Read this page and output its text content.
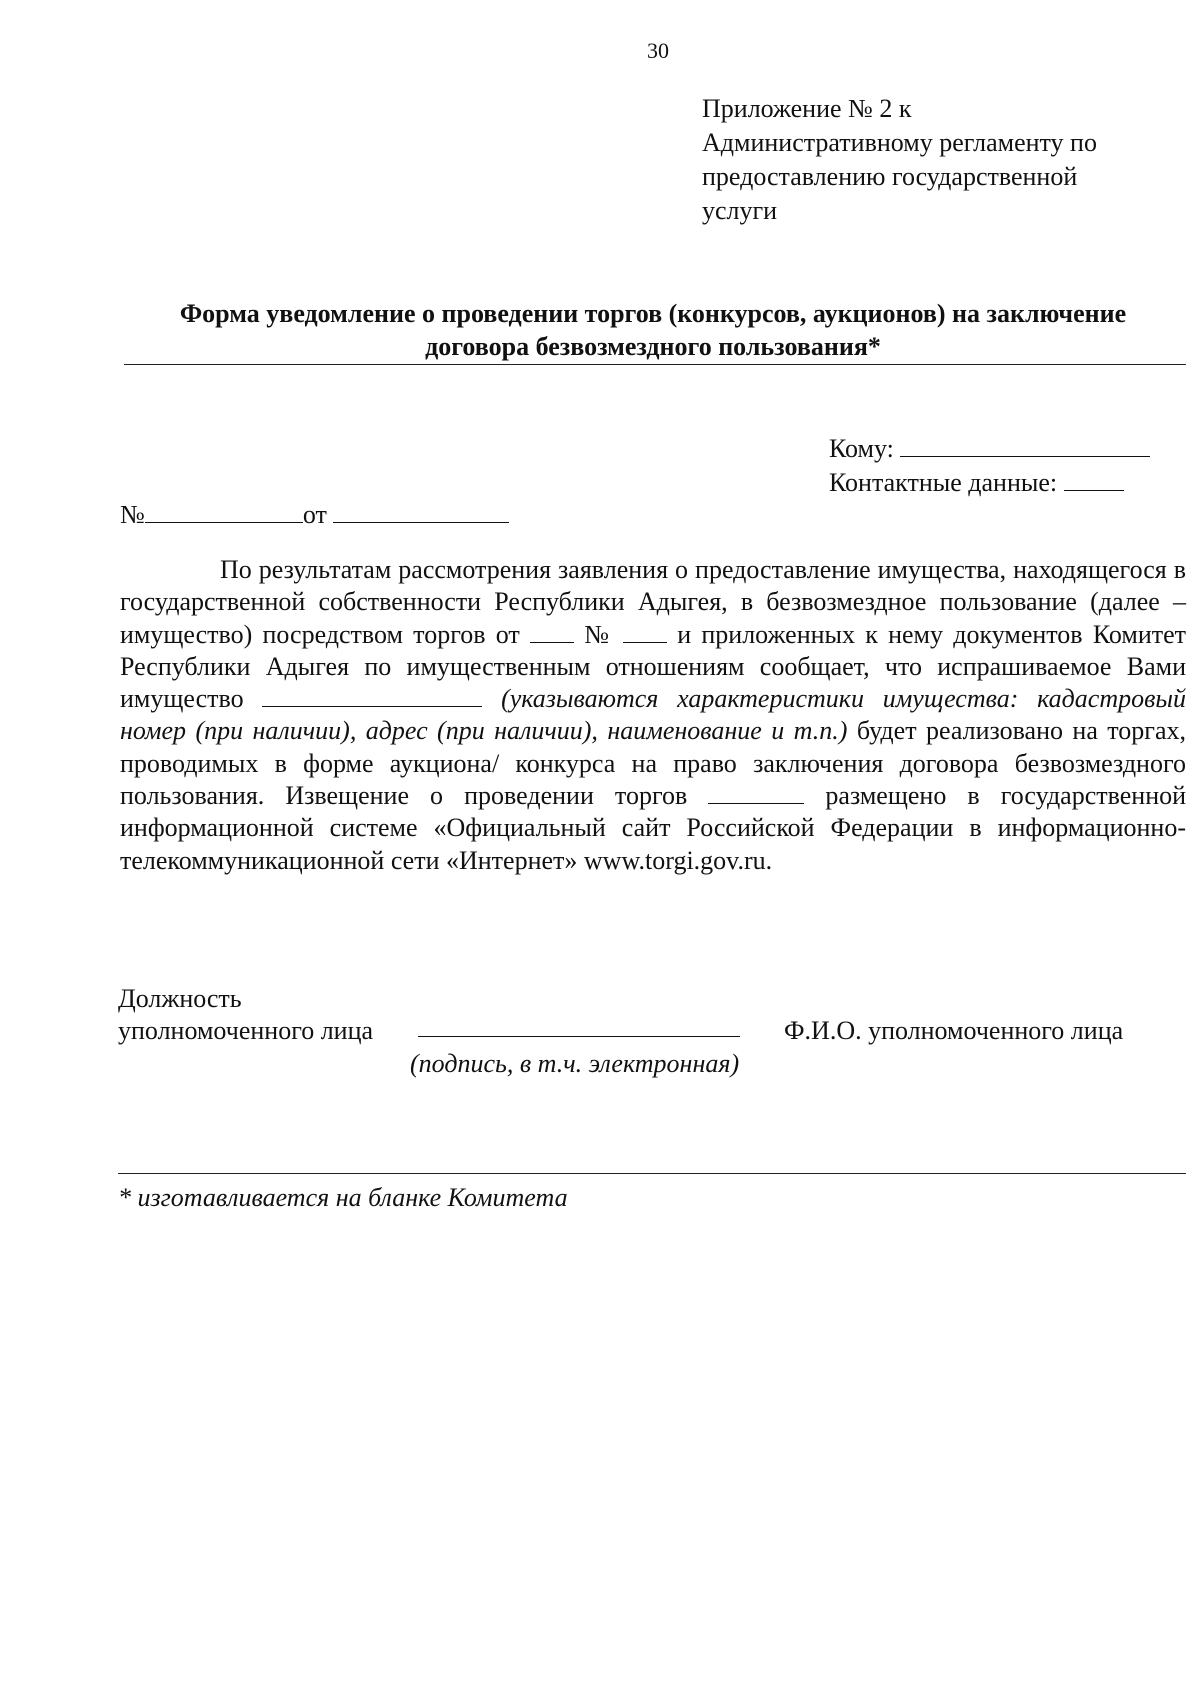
30
Приложение № 2 к
Административному регламенту по
предоставлению государственной
услуги
Форма уведомление о проведении торгов (конкурсов, аукционов) на заключение
договора безвозмездного пользования*
Кому:
Контактные данные:
№	от
По результатам рассмотрения заявления о предоставление имущества, находящегося в государственной собственности Республики Адыгея, в безвозмездное пользование (далее – имущество) посредством торгов от № и приложенных к нему документов Комитет Республики Адыгея по имущественным отношениям сообщает, что испрашиваемое Вами имущество	(указываются характеристики имущества: кадастровый номер (при наличии), адрес (при наличии), наименование и т.п.) будет реализовано на торгах, проводимых в форме аукциона/ конкурса на право заключения договора безвозмездного пользования. Извещение о проведении торгов	размещено в государственной информационной системе «Официальный сайт Российской Федерации в информационно-телекоммуникационной сети «Интернет» www.torgi.gov.ru.
Должность
уполномоченного лица	Ф.И.О. уполномоченного лица
(подпись, в т.ч. электронная)
* изготавливается на бланке Комитета
